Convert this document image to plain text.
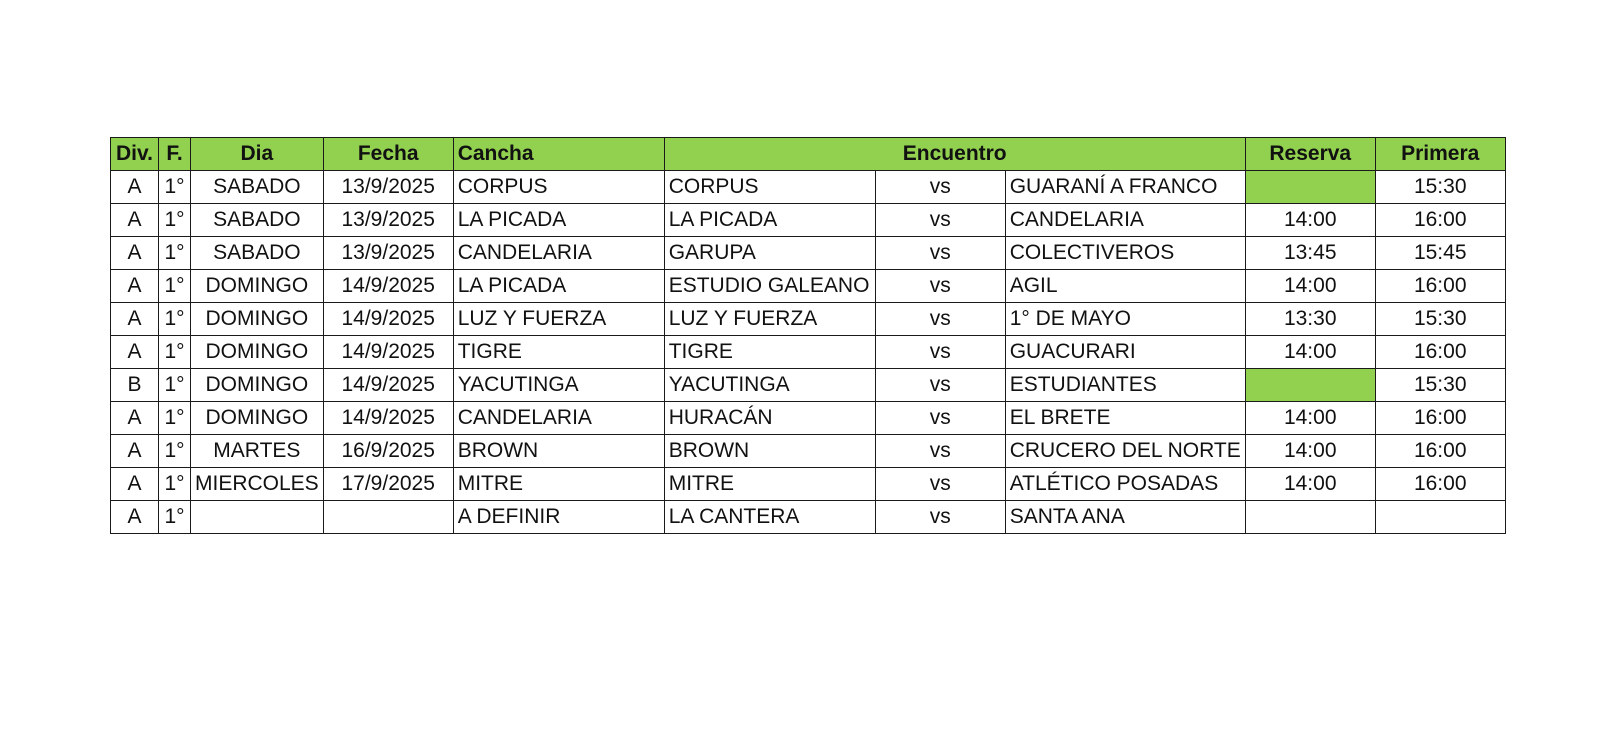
Div.	F.	Dia	Fecha	Cancha	Encuentro			Reserva	Primera
A	1°	SABADO	13/9/2025	CORPUS	CORPUS	vs	GUARANÍ A FRANCO		15:30
A	1°	SABADO	13/9/2025	LA PICADA	LA PICADA	vs	CANDELARIA	14:00	16:00
A	1°	SABADO	13/9/2025	CANDELARIA	GARUPA	vs	COLECTIVEROS	13:45	15:45
A	1°	DOMINGO	14/9/2025	LA PICADA	ESTUDIO GALEANO	vs	AGIL	14:00	16:00
A	1°	DOMINGO	14/9/2025	LUZ Y FUERZA	LUZ Y FUERZA	vs	1° DE MAYO	13:30	15:30
A	1°	DOMINGO	14/9/2025	TIGRE	TIGRE	vs	GUACURARI	14:00	16:00
B	1°	DOMINGO	14/9/2025	YACUTINGA	YACUTINGA	vs	ESTUDIANTES		15:30
A	1°	DOMINGO	14/9/2025	CANDELARIA	HURACÁN	vs	EL BRETE	14:00	16:00
A	1°	MARTES	16/9/2025	BROWN	BROWN	vs	CRUCERO DEL NORTE	14:00	16:00
A	1°	MIERCOLES	17/9/2025	MITRE	MITRE	vs	ATLÉTICO POSADAS	14:00	16:00
A	1°			A DEFINIR	LA CANTERA	vs	SANTA ANA		
